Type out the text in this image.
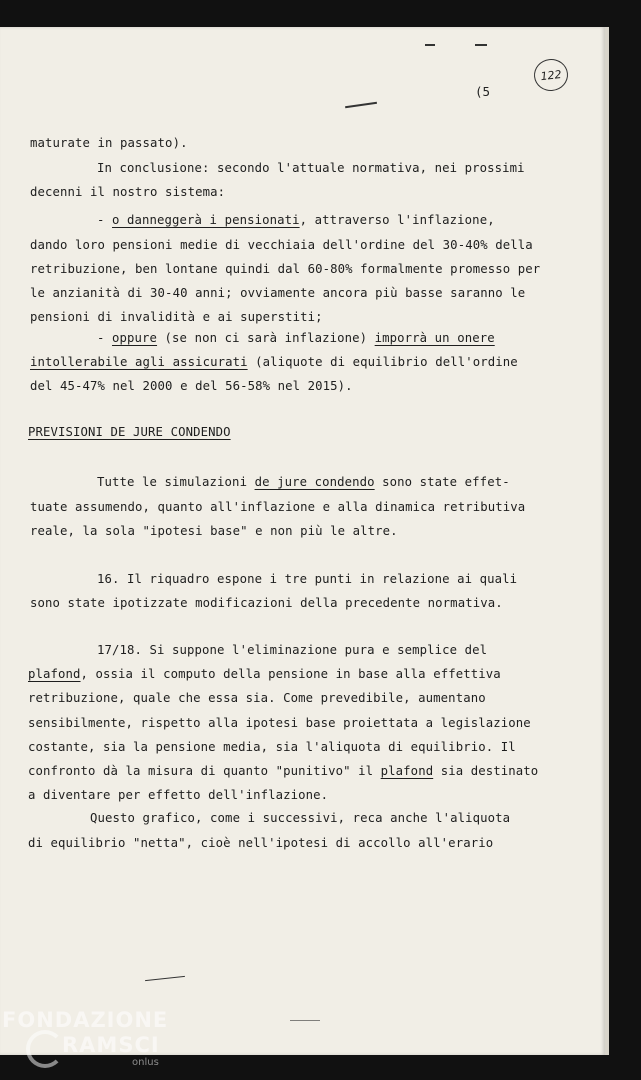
122
(5
maturate in passato).
In conclusione: secondo l'attuale normativa, nei prossimi
decenni il nostro sistema:
- o danneggerà i pensionati, attraverso l'inflazione,
dando loro pensioni medie di vecchiaia dell'ordine del 30-40% della
retribuzione, ben lontane quindi dal 60-80% formalmente promesso per
le anzianità di 30-40 anni; ovviamente ancora più basse saranno le
pensioni di invalidità e ai superstiti;
- oppure (se non ci sarà inflazione) imporrà un onere
intollerabile agli assicurati (aliquote di equilibrio dell'ordine
del 45-47% nel 2000 e del 56-58% nel 2015).
PREVISIONI DE JURE CONDENDO
Tutte le simulazioni de jure condendo sono state effet-
tuate assumendo, quanto all'inflazione e alla dinamica retributiva
reale, la sola "ipotesi base" e non più le altre.
16. Il riquadro espone i tre punti in relazione ai quali
sono state ipotizzate modificazioni della precedente normativa.
17/18. Si suppone l'eliminazione pura e semplice del
plafond, ossia il computo della pensione in base alla effettiva
retribuzione, quale che essa sia. Come prevedibile, aumentano
sensibilmente, rispetto alla ipotesi base proiettata a legislazione
costante, sia la pensione media, sia l'aliquota di equilibrio. Il
confronto dà la misura di quanto "punitivo" il plafond sia destinato
a diventare per effetto dell'inflazione.
Questo grafico, come i successivi, reca anche l'aliquota
di equilibrio "netta", cioè nell'ipotesi di accollo all'erario
FONDAZIONE
RAMSCI
onlus
